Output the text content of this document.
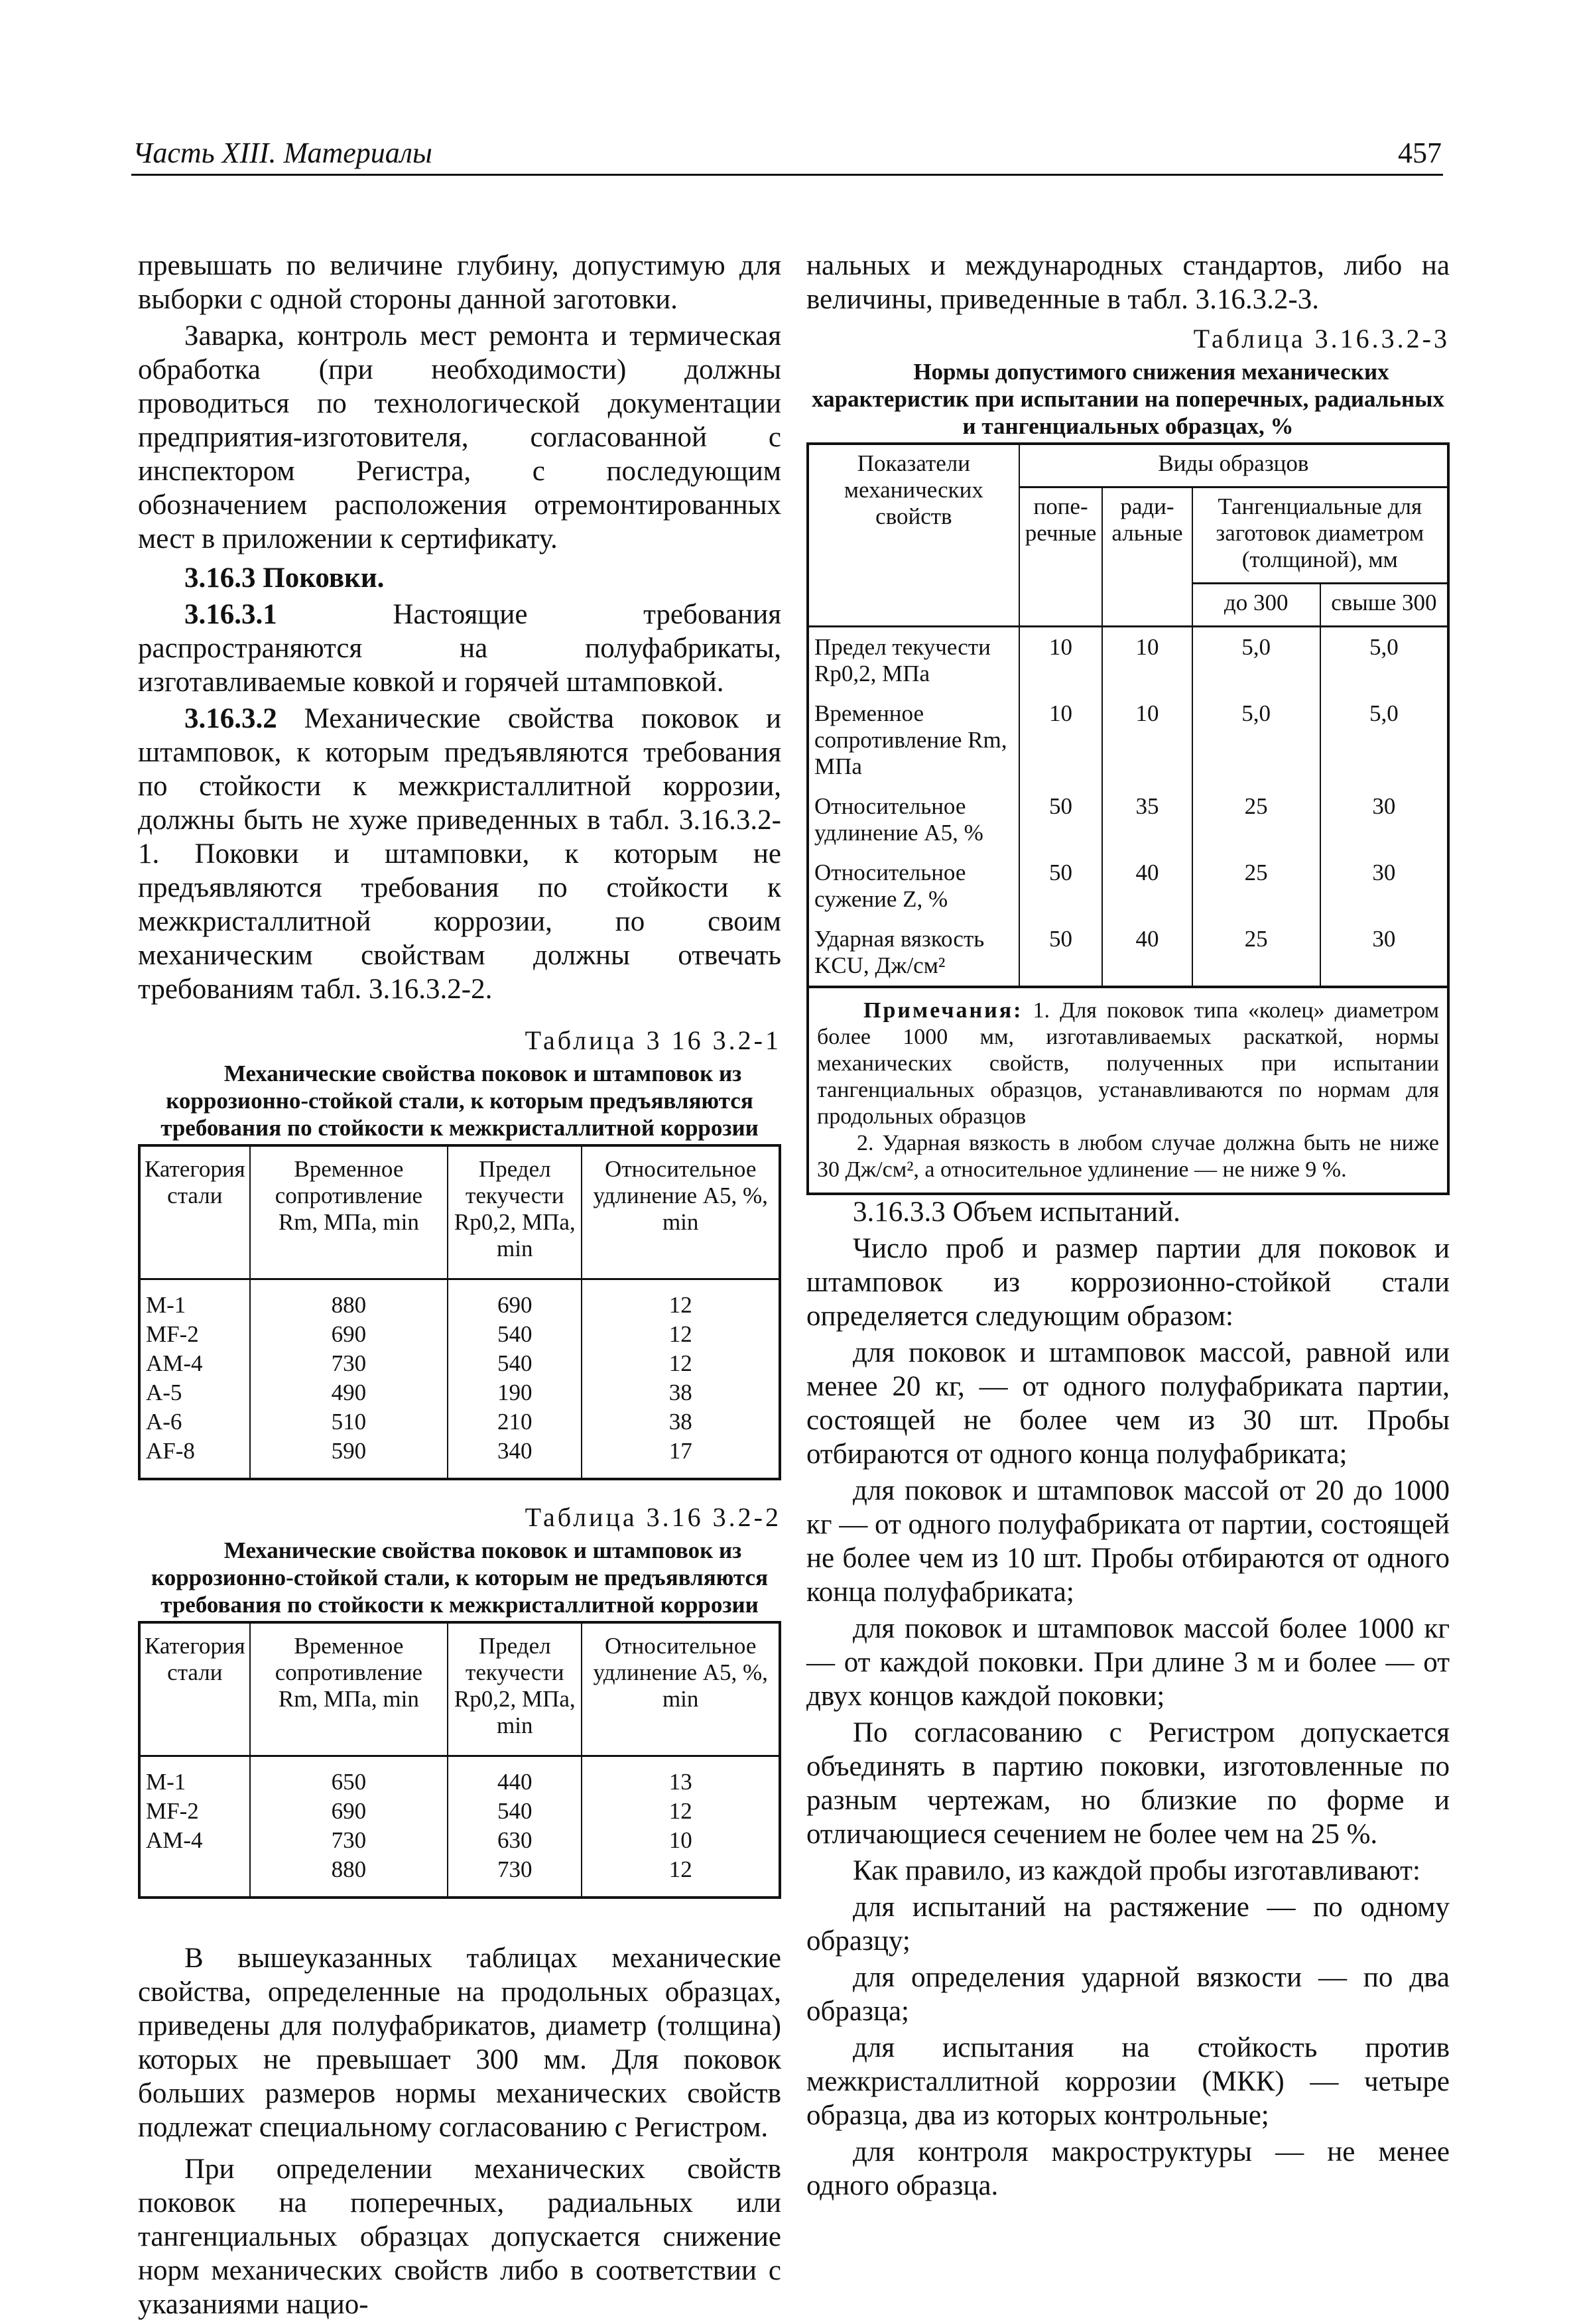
Часть XIII. Материалы	457

превышать по величине глубину, допустимую для выборки с одной стороны данной заготовки.

Заварка, контроль мест ремонта и термическая обработка (при необходимости) должны проводиться по технологической документации предприятия-изготовителя, согласованной с инспектором Регистра, с последующим обозначением расположения отремонтированных мест в приложении к сертификату.

3.16.3 Поковки.

3.16.3.1 Настоящие требования распространяются на полуфабрикаты, изготавливаемые ковкой и горячей штамповкой.

3.16.3.2 Механические свойства поковок и штамповок, к которым предъявляются требования по стойкости к межкристаллитной коррозии, должны быть не хуже приведенных в табл. 3.16.3.2-1. Поковки и штамповки, к которым не предъявляются требования по стойкости к межкристаллитной коррозии, по своим механическим свойствам должны отвечать требованиям табл. 3.16.3.2-2.

Таблица 3 16 3.2-1

Механические свойства поковок и штамповок из коррозионно-стойкой стали, к которым предъявляются требования по стойкости к межкристаллитной коррозии

Категория стали	Временное сопротивление Rm, МПа, min	Предел текучести Rp0,2, МПа, min	Относительное удлинение A5, %, min
M-1	880	690	12
MF-2	690	540	12
AM-4	730	540	12
A-5	490	190	38
A-6	510	210	38
AF-8	590	340	17

Таблица 3.16 3.2-2

Механические свойства поковок и штамповок из коррозионно-стойкой стали, к которым не предъявляются требования по стойкости к межкристаллитной коррозии

Категория стали	Временное сопротивление Rm, МПа, min	Предел текучести Rp0,2, МПа, min	Относительное удлинение A5, %, min
M-1	650	440	13
MF-2	690	540	12
AM-4	730	630	10
	880	730	12

В вышеуказанных таблицах механические свойства, определенные на продольных образцах, приведены для полуфабрикатов, диаметр (толщина) которых не превышает 300 мм. Для поковок больших размеров нормы механических свойств подлежат специальному согласованию с Регистром.

При определении механических свойств поковок на поперечных, радиальных или тангенциальных образцах допускается снижение норм механических свойств либо в соответствии с указаниями нацио-

нальных и международных стандартов, либо на величины, приведенные в табл. 3.16.3.2-3.

Таблица 3.16.3.2-3

Нормы допустимого снижения механических характеристик при испытании на поперечных, радиальных и тангенциальных образцах, %

Показатели механических свойств	Виды образцов			
	попе-речные	ради-альные	Тангенциальные для заготовок диаметром (толщиной), мм	
			до 300	свыше 300
Предел текучести Rp0,2, МПа	10	10	5,0	5,0
Временное сопротивление Rm, МПа	10	10	5,0	5,0
Относительное удлинение A5, %	50	35	25	30
Относительное сужение Z, %	50	40	25	30
Ударная вязкость KCU, Дж/см²	50	40	25	30

Примечания: 1. Для поковок типа «колец» диаметром более 1000 мм, изготавливаемых раскаткой, нормы механических свойств, полученных при испытании тангенциальных образцов, устанавливаются по нормам для продольных образцов

2. Ударная вязкость в любом случае должна быть не ниже 30 Дж/см², а относительное удлинение — не ниже 9 %.

3.16.3.3 Объем испытаний.

Число проб и размер партии для поковок и штамповок из коррозионно-стойкой стали определяется следующим образом:

для поковок и штамповок массой, равной или менее 20 кг, — от одного полуфабриката партии, состоящей не более чем из 30 шт. Пробы отбираются от одного конца полуфабриката;

для поковок и штамповок массой от 20 до 1000 кг — от одного полуфабриката от партии, состоящей не более чем из 10 шт. Пробы отбираются от одного конца полуфабриката;

для поковок и штамповок массой более 1000 кг — от каждой поковки. При длине 3 м и более — от двух концов каждой поковки;

По согласованию с Регистром допускается объединять в партию поковки, изготовленные по разным чертежам, но близкие по форме и отличающиеся сечением не более чем на 25 %.

Как правило, из каждой пробы изготавливают:

для испытаний на растяжение — по одному образцу;

для определения ударной вязкости — по два образца;

для испытания на стойкость против межкристаллитной коррозии (МКК) — четыре образца, два из которых контрольные;

для контроля макроструктуры — не менее одного образца.
